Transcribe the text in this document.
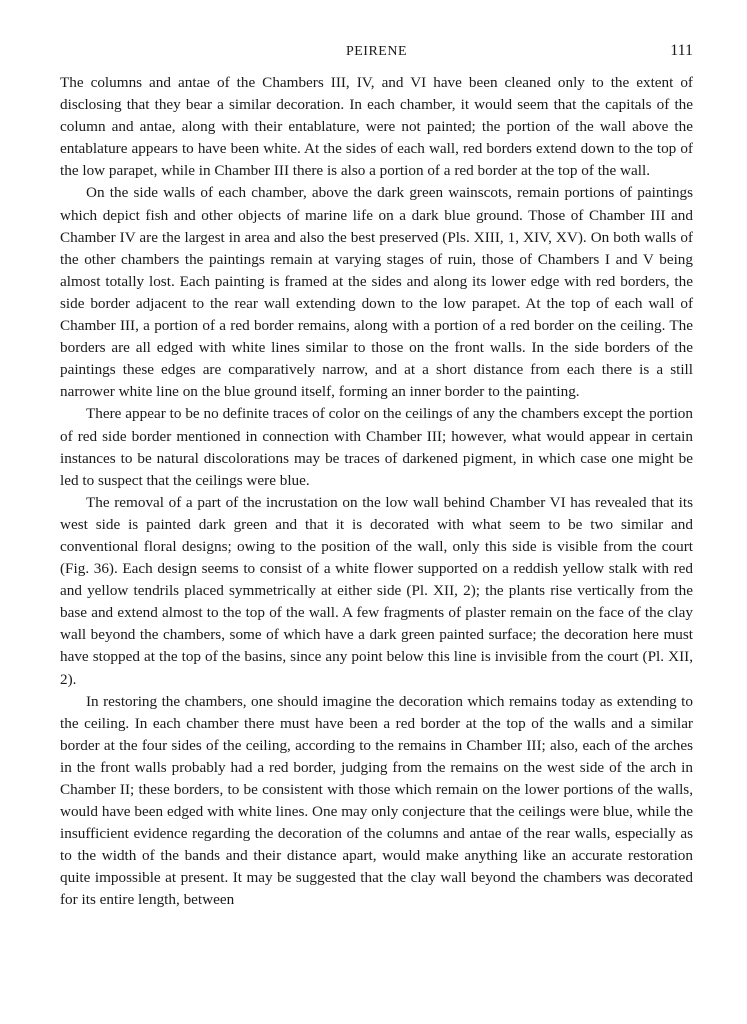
PEIRENE	111

The columns and antae of the Chambers III, IV, and VI have been cleaned only to the extent of disclosing that they bear a similar decoration. In each chamber, it would seem that the capitals of the column and antae, along with their entablature, were not painted; the portion of the wall above the entablature appears to have been white. At the sides of each wall, red borders extend down to the top of the low parapet, while in Chamber III there is also a portion of a red border at the top of the wall.

On the side walls of each chamber, above the dark green wainscots, remain portions of paintings which depict fish and other objects of marine life on a dark blue ground. Those of Chamber III and Chamber IV are the largest in area and also the best preserved (Pls. XIII, 1, XIV, XV). On both walls of the other chambers the paintings remain at varying stages of ruin, those of Chambers I and V being almost totally lost. Each painting is framed at the sides and along its lower edge with red borders, the side border adjacent to the rear wall extending down to the low parapet. At the top of each wall of Chamber III, a portion of a red border remains, along with a portion of a red border on the ceiling. The borders are all edged with white lines similar to those on the front walls. In the side borders of the paintings these edges are comparatively narrow, and at a short distance from each there is a still narrower white line on the blue ground itself, forming an inner border to the painting.

There appear to be no definite traces of color on the ceilings of any the chambers except the portion of red side border mentioned in connection with Chamber III; however, what would appear in certain instances to be natural discolorations may be traces of darkened pigment, in which case one might be led to suspect that the ceilings were blue.

The removal of a part of the incrustation on the low wall behind Chamber VI has revealed that its west side is painted dark green and that it is decorated with what seem to be two similar and conventional floral designs; owing to the position of the wall, only this side is visible from the court (Fig. 36). Each design seems to consist of a white flower supported on a reddish yellow stalk with red and yellow tendrils placed symmetrically at either side (Pl. XII, 2); the plants rise vertically from the base and extend almost to the top of the wall. A few fragments of plaster remain on the face of the clay wall beyond the chambers, some of which have a dark green painted surface; the decoration here must have stopped at the top of the basins, since any point below this line is invisible from the court (Pl. XII, 2).

In restoring the chambers, one should imagine the decoration which remains today as extending to the ceiling. In each chamber there must have been a red border at the top of the walls and a similar border at the four sides of the ceiling, according to the remains in Chamber III; also, each of the arches in the front walls probably had a red border, judging from the remains on the west side of the arch in Chamber II; these borders, to be consistent with those which remain on the lower portions of the walls, would have been edged with white lines. One may only conjecture that the ceilings were blue, while the insufficient evidence regarding the decoration of the columns and antae of the rear walls, especially as to the width of the bands and their distance apart, would make anything like an accurate restoration quite impossible at present. It may be suggested that the clay wall beyond the chambers was decorated for its entire length, between
